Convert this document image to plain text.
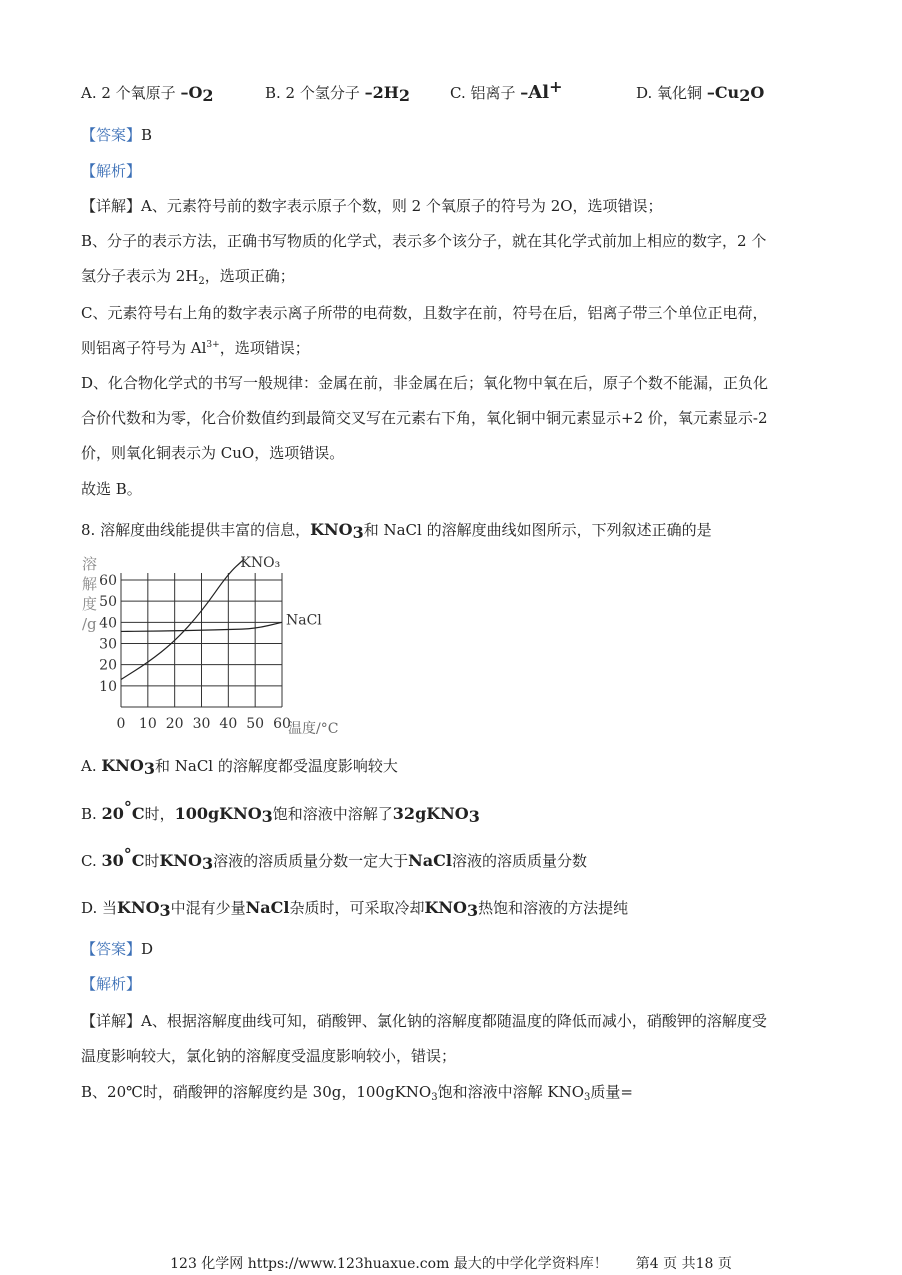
A. 2 个氧原子 $-O_2$	B. 2 个氢分子 $-2H_2$	C. 铝离子 –Al+	D. 氧化铜 $-Cu_2O$
【答案】B
【解析】
【详解】A、元素符号前的数字表示原子个数，则 2 个氧原子的符号为 2O，选项错误；
B、分子的表示方法，正确书写物质的化学式，表示多个该分子，就在其化学式前加上相应的数字，2 个
氢分子表示为 $2H_2$，选项正确；
C、元素符号右上角的数字表示离子所带的电荷数，且数字在前，符号在后，铝离子带三个单位正电荷，
则铝离子符号为 $Al^{3+}$，选项错误；
D、化合物化学式的书写一般规律：金属在前，非金属在后；氧化物中氧在后，原子个数不能漏，正负化
合价代数和为零，化合价数值约到最简交叉写在元素右下角，氧化铜中铜元素显示+2 价，氧元素显示-2
价，则氧化铜表示为 CuO，选项错误。
故选 B。
8. 溶解度曲线能提供丰富的信息，$KNO_3$和 NaCl 的溶解度曲线如图所示，下列叙述正确的是
溶
解
度
/g
10
20
30
40
50
60
0 10 20 30 40 50 60
KNO₃
NaCl
温度/°C
A. $KNO_3$和 NaCl 的溶解度都受温度影响较大
B. 20°C时，100gKNO$_3$饱和溶液中溶解了32gKNO$_3$
C. 30°C时$KNO_3$溶液的溶质质量分数一定大于NaCl溶液的溶质质量分数
D. 当$KNO_3$中混有少量NaCl杂质时，可采取冷却$KNO_3$热饱和溶液的方法提纯
【答案】D
【解析】
【详解】A、根据溶解度曲线可知，硝酸钾、氯化钠的溶解度都随温度的降低而减小，硝酸钾的溶解度受
温度影响较大，氯化钠的溶解度受温度影响较小，错误；
B、20℃时，硝酸钾的溶解度约是 30g，100gKNO$_3$饱和溶液中溶解 $KNO_3$质量=
123 化学网 https://www.123huaxue.com 最大的中学化学资料库！　　 第4 页 共18 页
